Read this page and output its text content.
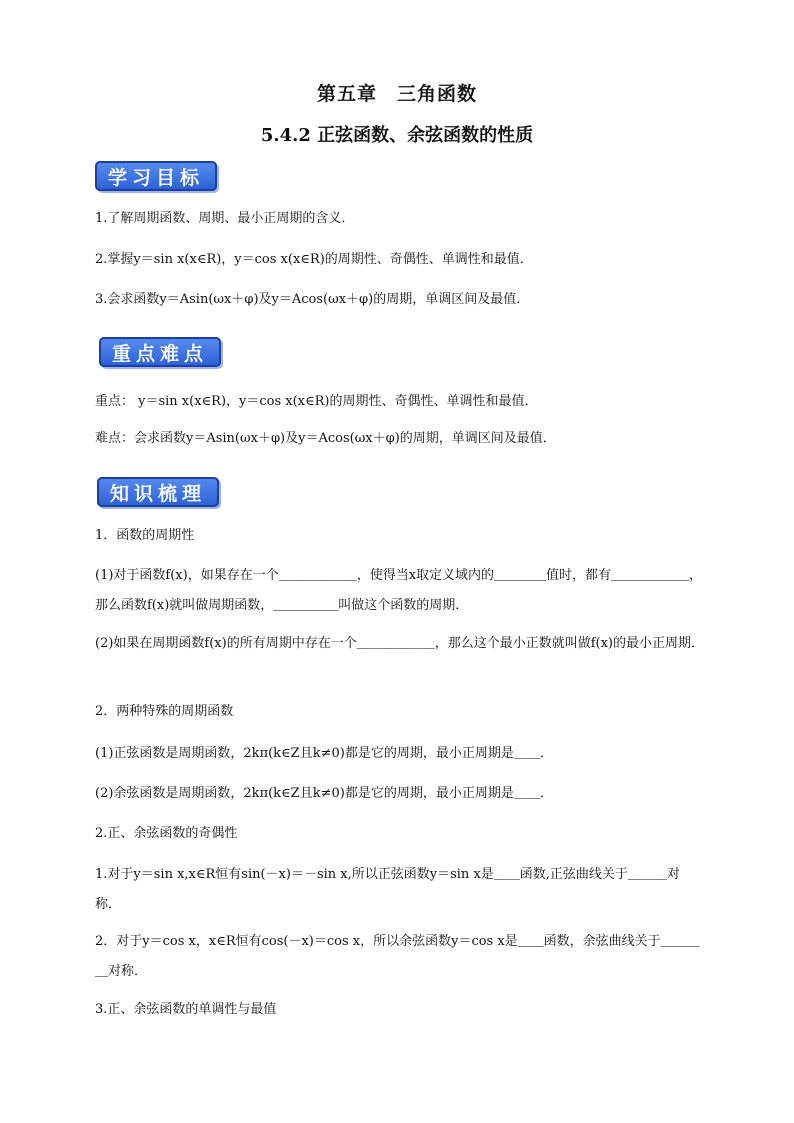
第五章　三角函数
5.4.2 正弦函数、余弦函数的性质
学习目标
1.了解周期函数、周期、最小正周期的含义．
2.掌握y＝sin x(x∈R)，y＝cos x(x∈R)的周期性、奇偶性、单调性和最值．
3.会求函数y＝Asin(ωx＋φ)及y＝Acos(ωx＋φ)的周期，单调区间及最值．
重点难点
重点： y＝sin x(x∈R)，y＝cos x(x∈R)的周期性、奇偶性、单调性和最值．
难点：会求函数y＝Asin(ωx＋φ)及y＝Acos(ωx＋φ)的周期，单调区间及最值．
知识梳理
1．函数的周期性
(1)对于函数f(x)，如果存在一个＿＿＿＿＿＿，使得当x取定义域内的＿＿＿＿值时，都有＿＿＿＿＿＿，那么函数f(x)就叫做周期函数，＿＿＿＿＿叫做这个函数的周期．
(2)如果在周期函数f(x)的所有周期中存在一个＿＿＿＿＿＿，那么这个最小正数就叫做f(x)的最小正周期．
2．两种特殊的周期函数
(1)正弦函数是周期函数，2kπ(k∈Z且k≠0)都是它的周期，最小正周期是＿＿．
(2)余弦函数是周期函数，2kπ(k∈Z且k≠0)都是它的周期，最小正周期是＿＿．
2.正、余弦函数的奇偶性
1.对于y＝sin x,x∈R恒有sin(－x)＝－sin x,所以正弦函数y＝sin x是＿＿函数,正弦曲线关于＿＿＿对称．
2．对于y＝cos x，x∈R恒有cos(－x)＝cos x，所以余弦函数y＝cos x是＿＿函数，余弦曲线关于＿＿＿＿对称．
3.正、余弦函数的单调性与最值
